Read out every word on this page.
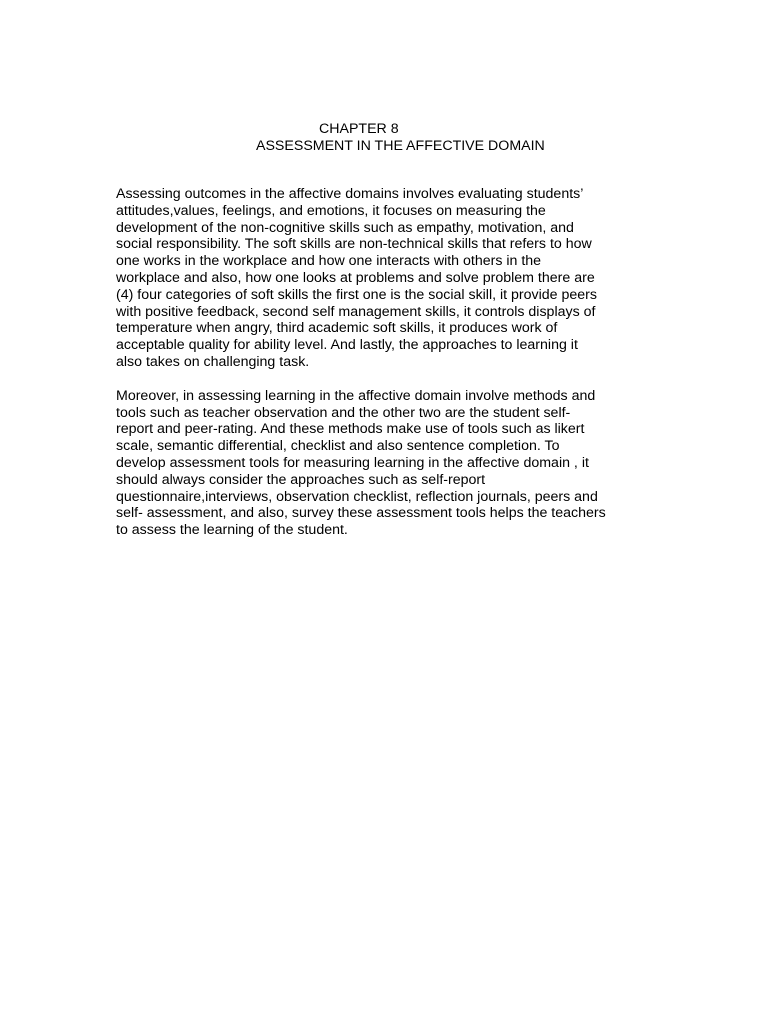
CHAPTER 8
ASSESSMENT IN THE AFFECTIVE DOMAIN

Assessing outcomes in the affective domains involves evaluating students’
attitudes,values, feelings, and emotions, it focuses on measuring the
development of the non-cognitive skills such as empathy, motivation, and
social responsibility. The soft skills are non-technical skills that refers to how
one works in the workplace and how one interacts with others in the
workplace and also, how one looks at problems and solve problem there are
(4) four categories of soft skills the first one is the social skill, it provide peers
with positive feedback, second self management skills, it controls displays of
temperature when angry, third academic soft skills, it produces work of
acceptable quality for ability level. And lastly, the approaches to learning it
also takes on challenging task.

Moreover, in assessing learning in the affective domain involve methods and
tools such as teacher observation and the other two are the student self-
report and peer-rating. And these methods make use of tools such as likert
scale, semantic differential, checklist and also sentence completion. To
develop assessment tools for measuring learning in the affective domain , it
should always consider the approaches such as self-report
questionnaire,interviews, observation checklist, reflection journals, peers and
self- assessment, and also, survey these assessment tools helps the teachers
to assess the learning of the student.
